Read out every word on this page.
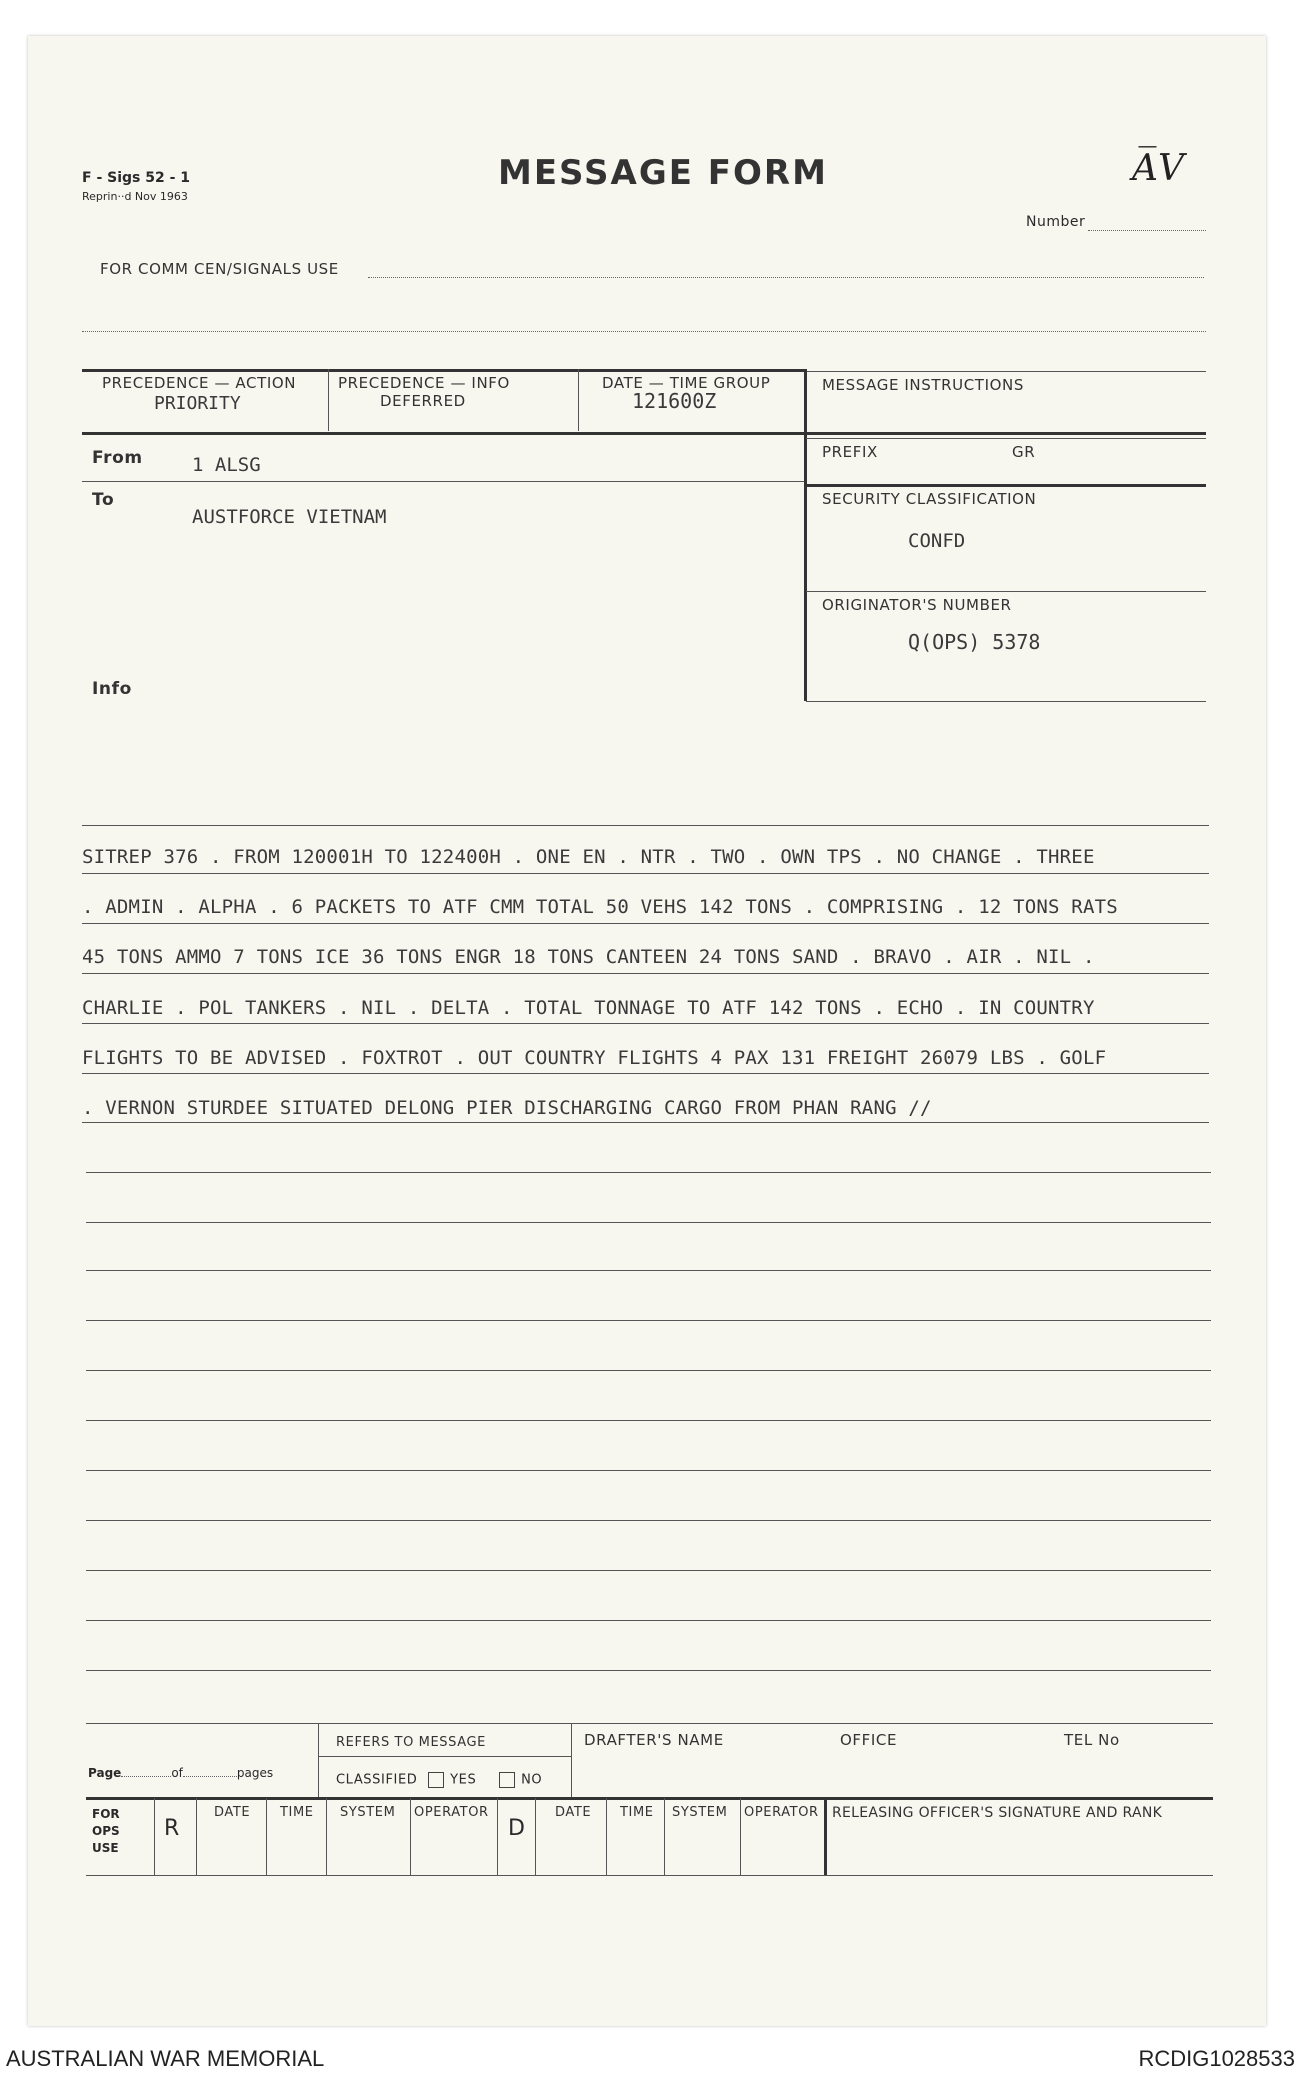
F - Sigs 52 - 1
Reprin··d Nov 1963
MESSAGE FORM	A̅V
Number
FOR COMM CEN/SIGNALS USE
PRECEDENCE — ACTION
PRIORITY
PRECEDENCE — INFO
DEFERRED
DATE — TIME GROUP
121600Z
MESSAGE INSTRUCTIONS
PREFIX	GR
From	1 ALSG
To
AUSTFORCE VIETNAM
Info
SECURITY CLASSIFICATION
CONFD
ORIGINATOR'S NUMBER
Q(OPS) 5378
SITREP 376 . FROM 120001H TO 122400H . ONE EN . NTR . TWO . OWN TPS . NO CHANGE . THREE
. ADMIN . ALPHA . 6 PACKETS TO ATF CMM TOTAL 50 VEHS 142 TONS . COMPRISING . 12 TONS RATS
45 TONS AMMO 7 TONS ICE 36 TONS ENGR 18 TONS CANTEEN 24 TONS SAND . BRAVO . AIR . NIL .
CHARLIE . POL TANKERS . NIL . DELTA . TOTAL TONNAGE TO ATF 142 TONS . ECHO . IN COUNTRY
FLIGHTS TO BE ADVISED . FOXTROT . OUT COUNTRY FLIGHTS 4 PAX 131 FREIGHT 26079 LBS . GOLF
. VERNON STURDEE SITUATED DELONG PIER DISCHARGING CARGO FROM PHAN RANG //
Page	of	pages
REFERS TO MESSAGE
CLASSIFIED	YES	NO
DRAFTER'S NAME	OFFICE	TEL No
FOR
OPS
USE
R
DATE TIME SYSTEM OPERATOR
D
DATE TIME SYSTEM OPERATOR RELEASING OFFICER'S SIGNATURE AND RANK
AUSTRALIAN WAR MEMORIAL	RCDIG1028533
